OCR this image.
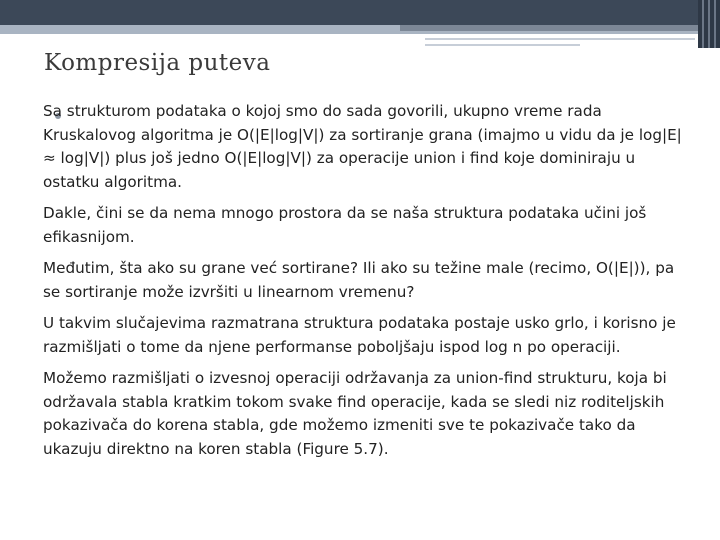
Kompresija puteva

Sa strukturom podataka o kojoj smo do sada govorili, ukupno vreme rada Kruskalovog algoritma je O(|E|log|V|) za sortiranje grana (imajmo u vidu da je log|E| ≈ log|V|) plus još jedno O(|E|log|V|) za operacije union i find koje dominiraju u ostatku algoritma.

Dakle, čini se da nema mnogo prostora da se naša struktura podataka učini još efikasnijom.

Međutim, šta ako su grane već sortirane? Ili ako su težine male (recimo, O(|E|)), pa se sortiranje može izvršiti u linearnom vremenu?

U takvim slučajevima razmatrana struktura podataka postaje usko grlo, i korisno je razmišljati o tome da njene performanse poboljšaju ispod log n po operaciji.

Možemo razmišljati o izvesnoj operaciji održavanja za union-find strukturu, koja bi održavala stabla kratkim tokom svake find operacije, kada se sledi niz roditeljskih pokazivača do korena stabla, gde možemo izmeniti sve te pokazivače tako da ukazuju direktno na koren stabla (Figure 5.7).
